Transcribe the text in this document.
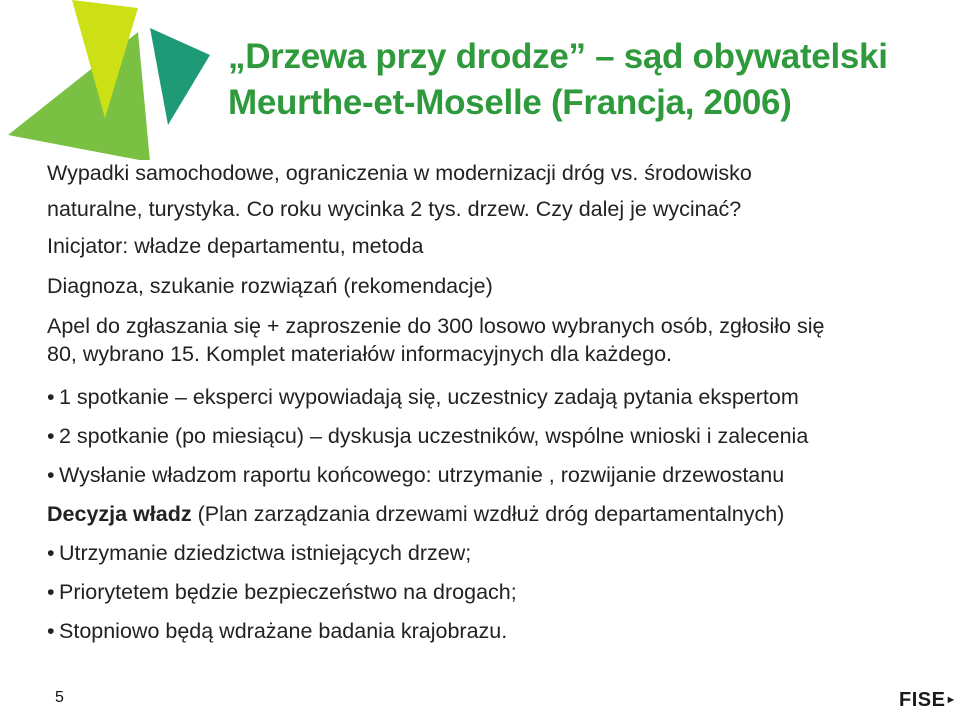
„Drzewa przy drodze” – sąd obywatelski
Meurthe-et-Moselle (Francja, 2006)

Wypadki samochodowe, ograniczenia w modernizacji dróg vs. środowisko

naturalne, turystyka. Co roku wycinka 2 tys. drzew. Czy dalej je wycinać?

Inicjator: władze departamentu, metoda

Diagnoza, szukanie rozwiązań (rekomendacje)

Apel do zgłaszania się + zaproszenie do 300 losowo wybranych osób, zgłosiło się

80, wybrano 15. Komplet materiałów informacyjnych dla każdego.

• 1 spotkanie – eksperci wypowiadają się, uczestnicy zadają pytania ekspertom

• 2 spotkanie (po miesiącu) – dyskusja uczestników, wspólne wnioski i zalecenia

• Wysłanie władzom raportu końcowego: utrzymanie , rozwijanie drzewostanu

Decyzja władz (Plan zarządzania drzewami wzdłuż dróg departamentalnych)

• Utrzymanie dziedzictwa istniejących drzew;

• Priorytetem będzie bezpieczeństwo na drogach;

• Stopniowo będą wdrażane badania krajobrazu.

5	FISE►
